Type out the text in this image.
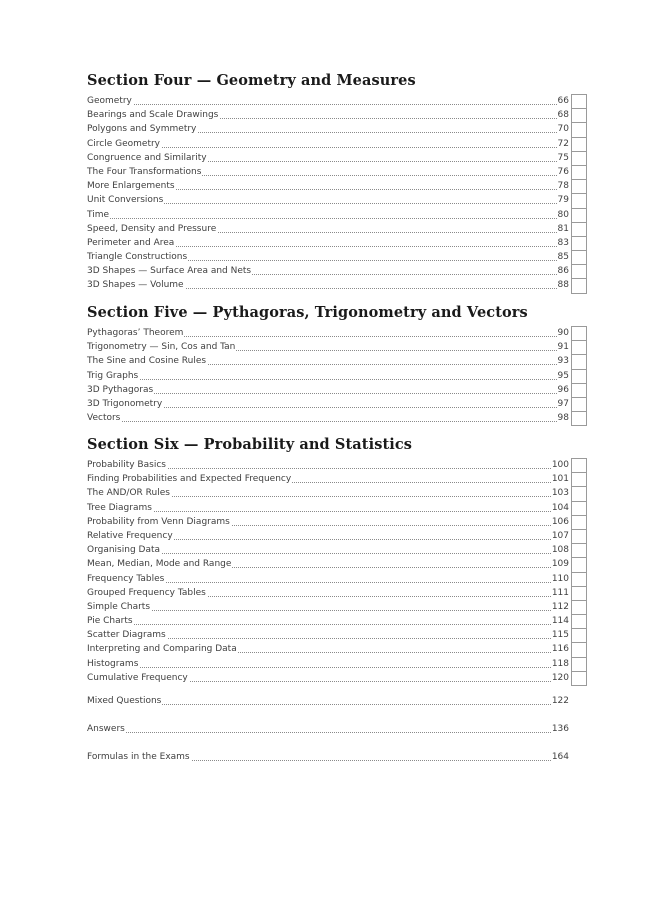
Section Four — Geometry and Measures
Geometry	66
Bearings and Scale Drawings	68
Polygons and Symmetry	70
Circle Geometry	72
Congruence and Similarity	75
The Four Transformations	76
More Enlargements	78
Unit Conversions	79
Time	80
Speed, Density and Pressure	81
Perimeter and Area	83
Triangle Constructions	85
3D Shapes — Surface Area and Nets	86
3D Shapes — Volume	88
Section Five — Pythagoras, Trigonometry and Vectors
Pythagoras’ Theorem	90
Trigonometry — Sin, Cos and Tan	91
The Sine and Cosine Rules	93
Trig Graphs	95
3D Pythagoras	96
3D Trigonometry	97
Vectors	98
Section Six — Probability and Statistics
Probability Basics	100
Finding Probabilities and Expected Frequency	101
The AND/OR Rules	103
Tree Diagrams	104
Probability from Venn Diagrams	106
Relative Frequency	107
Organising Data	108
Mean, Median, Mode and Range	109
Frequency Tables	110
Grouped Frequency Tables	111
Simple Charts	112
Pie Charts	114
Scatter Diagrams	115
Interpreting and Comparing Data	116
Histograms	118
Cumulative Frequency	120
Mixed Questions	122
Answers	136
Formulas in the Exams	164
